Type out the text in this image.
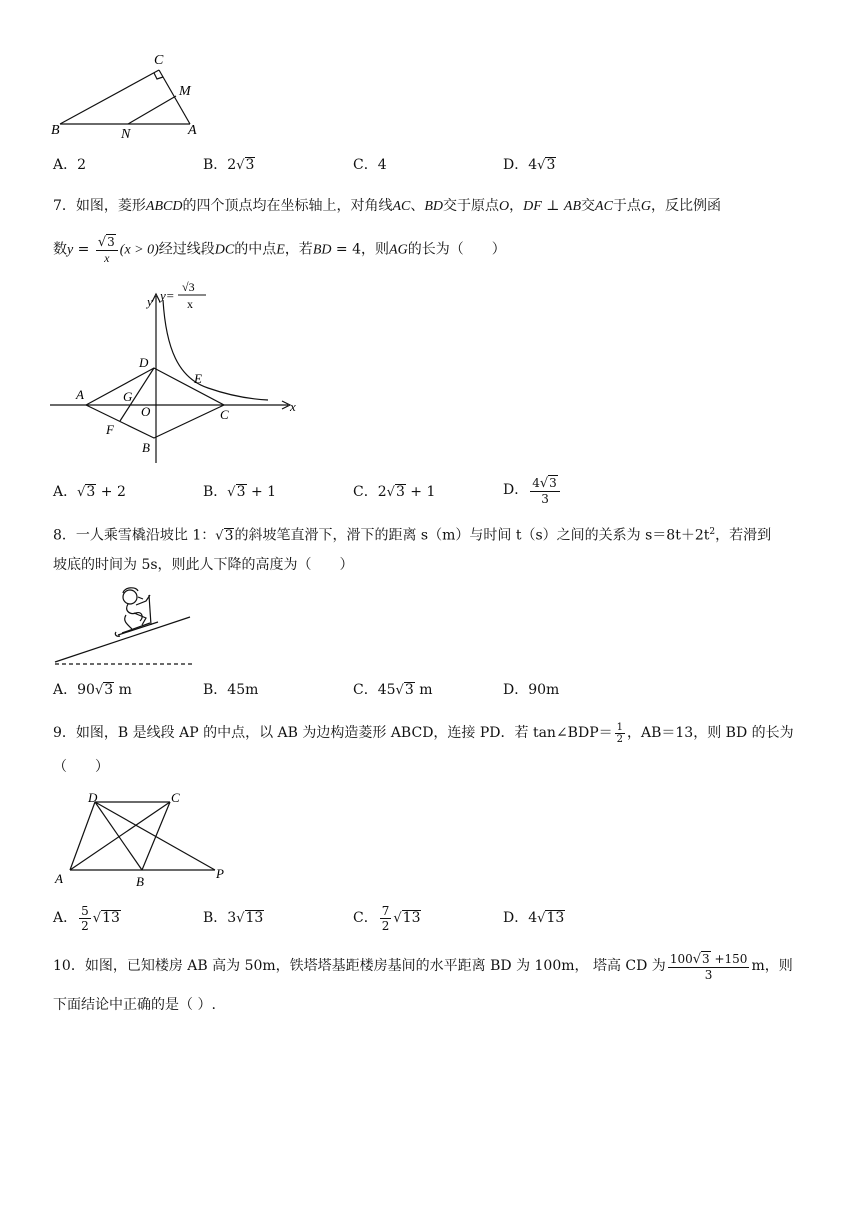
B
C
M
N	A
A．2	B．2√3	C．4	D．4√3
7．如图，菱形ABCD的四个顶点均在坐标轴上，对角线AC、BD交于原点O，DF ⊥ AB交AC于点G，反比例函
数$y = \frac{√3}{x} (x > 0)$经过线段DC的中点E，若BD = 4，则AG的长为（　　）
y y=
√3
x
x
D
E
A	G
O	C
F
B
A．√3 + 2	B．√3 + 1	C．2√3 + 1	D． $\frac{4√3}{3}$
8．一人乘雪橇沿坡比 1：√3的斜坡笔直滑下，滑下的距离 s（m）与时间 t（s）之间的关系为 $s=8t+2t^2$，若滑到
坡底的时间为 5s，则此人下降的高度为（　　）
A．90√3 m	B．45m	C．45√3 m	D．90m
9．如图，B 是线段 AP 的中点，以 AB 为边构造菱形 ABCD，连接 PD．若 tan∠BDP＝ $\frac{1}{2}$ ，AB＝13，则 BD 的长为
（　　）
D	C
A	B
P
A． $\frac{5}{2} √13$	B．3√13	C． $\frac{7}{2} √13$	D．4√13
10．如图，已知楼房 AB 高为 50m，铁塔塔基距楼房基间的水平距离 BD 为 100m， 塔高 CD 为 $\frac{100√3 +150}{3}$ m，则
下面结论中正确的是（ ）.
